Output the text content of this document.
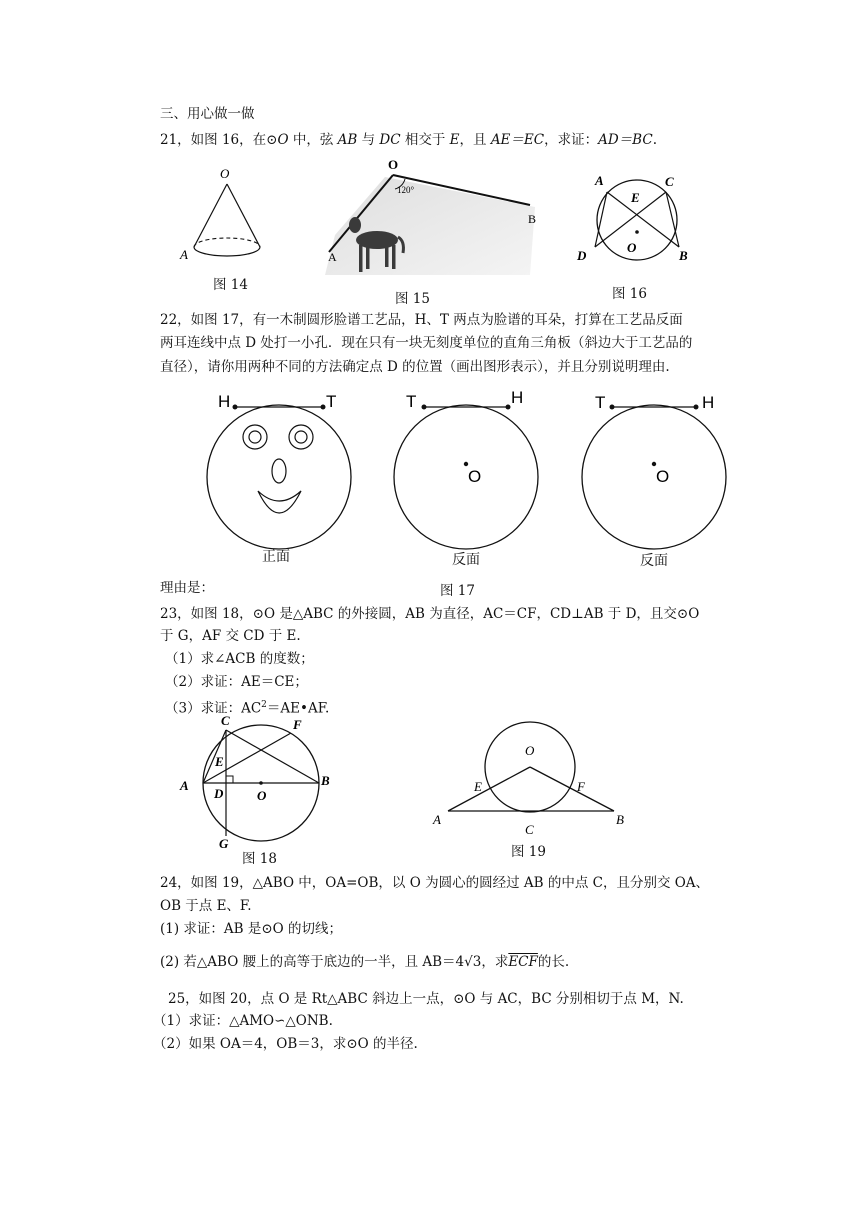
三、用心做一做
21，如图 16，在⊙O 中，弦 AB 与 DC 相交于 E，且 AE＝EC，求证：AD＝BC.
O
A
图 14
O
120°
B
A
图 15
A	C
E
O
D	B
图 16
22，如图 17，有一木制圆形脸谱工艺品，H、T 两点为脸谱的耳朵，打算在工艺品反面
两耳连线中点 D 处打一小孔．现在只有一块无刻度单位的直角三角板（斜边大于工艺品的
直径），请你用两种不同的方法确定点 D 的位置（画出图形表示），并且分别说明理由.
H	T
正面
T	H
O
反面
T	H
O
反面
理由是：	图 17
23，如图 18，⊙O 是△ABC 的外接圆，AB 为直径，AC＝CF，CD⊥AB 于 D，且交⊙O
于 G，AF 交 CD 于 E.
（1）求∠ACB 的度数；
（2）求证：AE＝CE；
（3）求证：$AC^2=AE•AF$.
C	F
E
A
D	O
B
G
图 18
O
E	F
A
C
B
图 19
24，如图 19，△ABO 中，OA=OB，以 O 为圆心的圆经过 AB 的中点 C，且分别交 OA、
OB 于点 E、F.
(1) 求证：AB 是⊙O 的切线；
(2) 若△ABO 腰上的高等于底边的一半，且 AB＝4√3，求$\overline{ECF}$的长.
25，如图 20，点 O 是 Rt△ABC 斜边上一点，⊙O 与 AC，BC 分别相切于点 M，N.
（1）求证：△AMO∽△ONB.
（2）如果 OA＝4，OB＝3，求⊙O 的半径.
